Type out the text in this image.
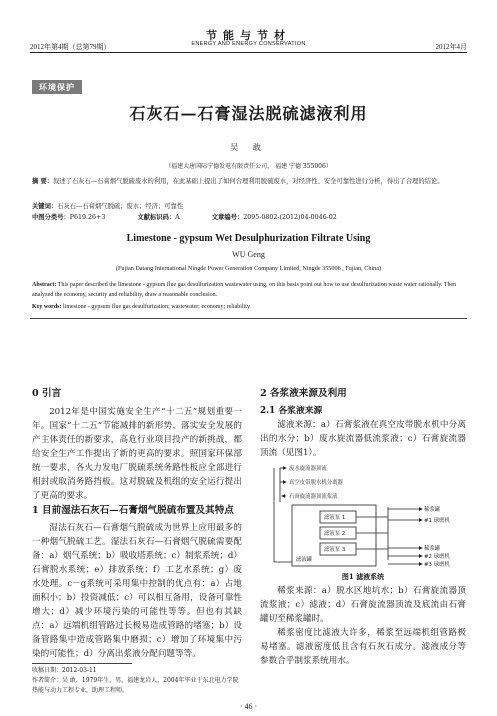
2012年第4期（总第79期）
节能与节材
ENERGY AND ENERGY CONSERVATION	2012年4月
环境保护
石灰石—石膏湿法脱硫滤液利用
吴 敢
（福建大唐国际宁德发电有限责任公司， 福建 宁德 355006）
摘 要：叙述了石灰石—石膏烟气脱硫废水的利用，在此基础上提出了如何合理利用脱硫废水，对经济性、安全可靠性进行分析，得出了合理的结论。
关键词：石灰石—石膏烟气脱硫；废水；经济；可靠性
中图分类号：P619.26+3	文献标识码：A	文章编号：2095-0802-(2012)04-0046-02
Limestone - gypsum Wet Desulphurization Filtrate Using
WU Geng
(Fujian Datang International Ningde Power Generation Company Limited, Ningde 355006 , Fujian, China)
Abstract: This paper described the limestone - gypsum flue gas desulfurization wastewater using, on this basis point out how to use desulfurization waste water rationally. Then analyzed the economy, security and reliability, draw a reasonable conclusion.
Key words: limestone - gypsum flue gas desulfurization; wastewater; economy; reliability
0 引言

2012年是中国实施安全生产“十二五”规划重要一年。国家“十二五”节能减排的新形势、落实安全发展的产主体责任的新要求，高危行业项目投产的新挑战，都给安全生产工作提出了新的更高的要求。照国家环保部统一要求，各火力发电厂脱硫系统务路性板应全部进行相封或取消务路挡板。这对脱硫及机组的安全运行提出了更高的要求。

1 目前湿法石灰石—石膏烟气脱硫布置及其特点

湿法石灰石—石膏烟气脱硫成为世界上应用最多的一种烟气脱硫工艺。湿法石灰石—石膏烟气脱硫需要配备：a）烟气系统；b）吸收塔系统；c）制浆系统；d）石膏脱水系统；e）排放系统；f）工艺水系统；g）废水处理。c－g系统可采用集中控制的优点有：a）占地面积小；b）投资减低；c）可以相互备用，设备可靠性增大；d）减少环境污染的可能性等等。但也有其缺点：a）远端机组管路过长极易造成管路的堵塞；b）设备管路集中造成管路集中磨损；c）增加了环境集中污染的可能性；d）分离出浆液分配问题等等。

2 各浆液来源及利用
2.1 各浆液来源

滤液来源：a）石膏浆液在真空皮带脱水机中分离出的水分；b）废水旋流器低流浆液；c）石膏旋流器顶流（见图1）。

废水旋流器顶流
真空皮带脱水机分离器
石膏旋流器顶流浆液
滤液泵 1
滤液泵 2
滤液泵 3
滤液罐
稀浆罐
#1 球磨机
稀浆罐
#2 球磨机
#3 球磨机
图1 滤液系统

稀浆来源：a）脱水区地坑水；b）石膏旋流器顶流浆液；c）滤液；d）石膏旋流器顶流及底流由石膏罐切至稀浆罐时。

稀浆密度比滤液大许多，稀浆至远端机组管路极易堵塞。滤液密度低且含有石灰石成分。滤液成分等参数合乎制浆系统用水。

收稿日期：2012-03-11
作者简介：吴 敢，1979年生，男，福建龙岩人，2004年毕业于东北电力学院热能与动力工程专业，助理工程师。
· 46 ·
